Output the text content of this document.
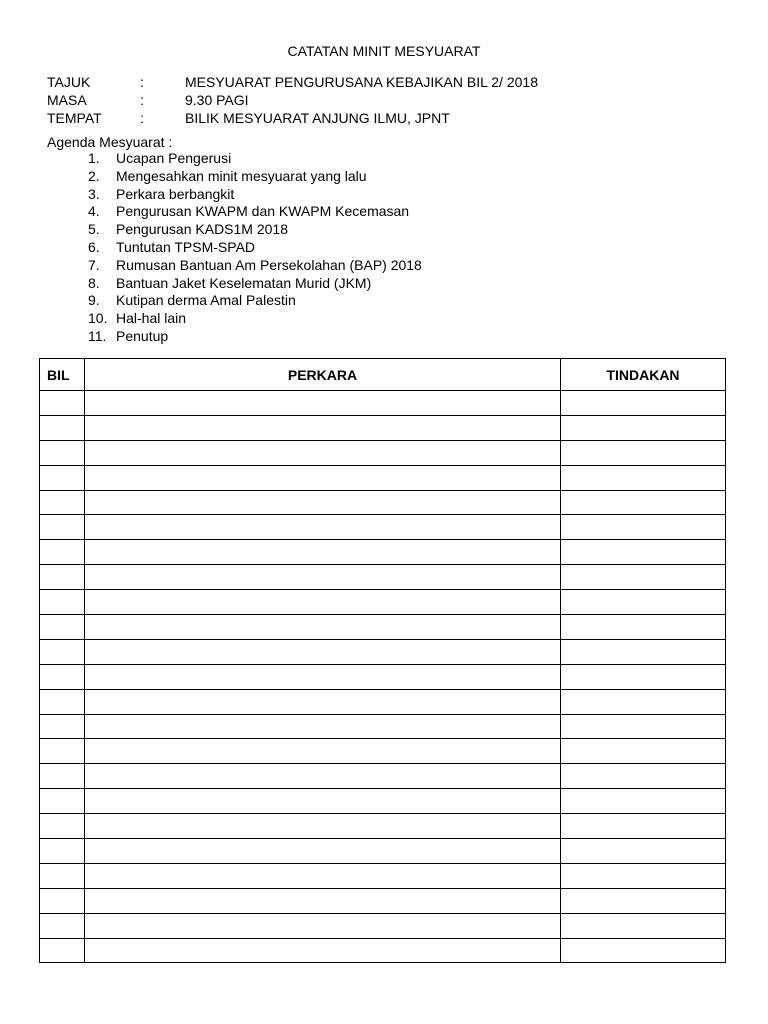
CATATAN MINIT MESYUARAT
TAJUK	:	MESYUARAT PENGURUSANA KEBAJIKAN BIL 2/ 2018
MASA	:	9.30 PAGI
TEMPAT	:	BILIK MESYUARAT ANJUNG ILMU, JPNT
Agenda Mesyuarat :
1. Ucapan Pengerusi
2. Mengesahkan minit mesyuarat yang lalu
3. Perkara berbangkit
4. Pengurusan KWAPM dan KWAPM Kecemasan
5. Pengurusan KADS1M 2018
6. Tuntutan TPSM-SPAD
7. Rumusan Bantuan Am Persekolahan (BAP) 2018
8. Bantuan Jaket Keselematan Murid (JKM)
9. Kutipan derma Amal Palestin
10. Hal-hal lain
11. Penutup
BIL	PERKARA	TINDAKAN
